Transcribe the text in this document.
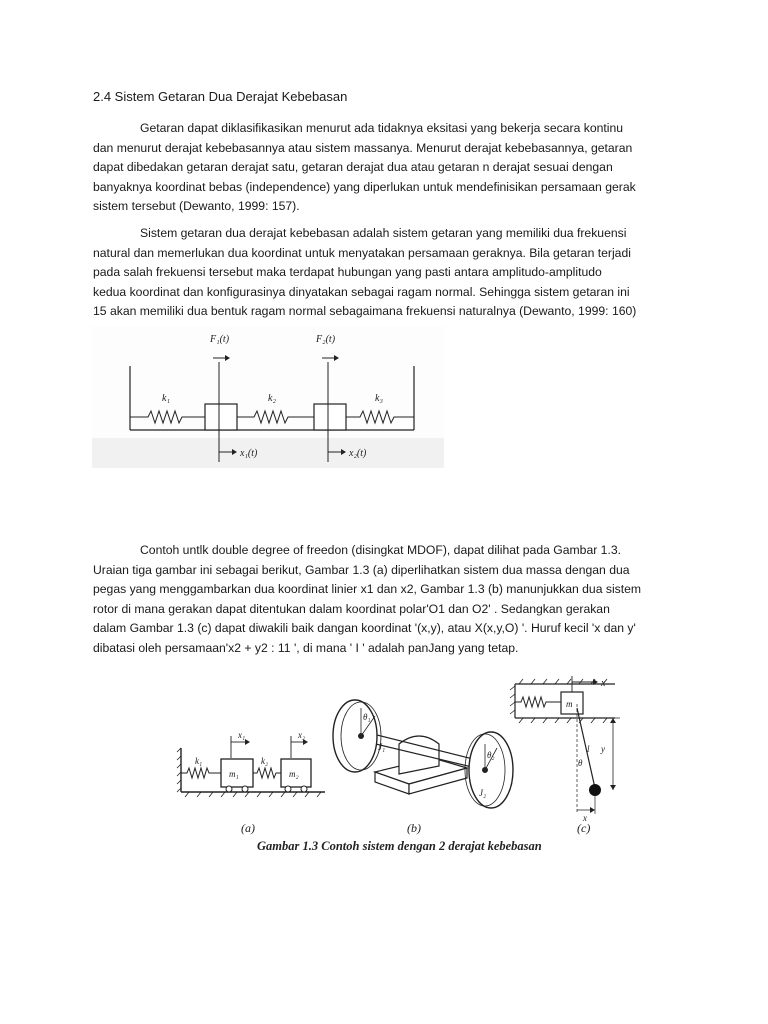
2.4 Sistem Getaran Dua Derajat Kebebasan

Getaran dapat diklasifikasikan menurut ada tidaknya eksitasi yang bekerja secara kontinu
dan menurut derajat kebebasannya atau sistem massanya. Menurut derajat kebebasannya, getaran
dapat dibedakan getaran derajat satu, getaran derajat dua atau getaran n derajat sesuai dengan
banyaknya koordinat bebas (independence) yang diperlukan untuk mendefinisikan persamaan gerak
sistem tersebut (Dewanto, 1999: 157).

Sistem getaran dua derajat kebebasan adalah sistem getaran yang memiliki dua frekuensi
natural dan memerlukan dua koordinat untuk menyatakan persamaan geraknya. Bila getaran terjadi
pada salah frekuensi tersebut maka terdapat hubungan yang pasti antara amplitudo-amplitudo
kedua koordinat dan konfigurasinya dinyatakan sebagai ragam normal. Sehingga sistem getaran ini
15 akan memiliki dua bentuk ragam normal sebagaimana frekuensi naturalnya (Dewanto, 1999: 160)

F₁(t)	F₂(t)
k₁	k₂	k₃
x₁(t)	x₂(t)

Contoh untlk double degree of freedon (disingkat MDOF), dapat dilihat pada Gambar 1.3.
Uraian tiga gambar ini sebagai berikut, Gambar 1.3 (a) diperlihatkan sistem dua massa dengan dua
pegas yang menggambarkan dua koordinat linier x1 dan x2, Gambar 1.3 (b) manunjukkan dua sistem
rotor di mana gerakan dapat ditentukan dalam koordinat polar'O1 dan O2' . Sedangkan gerakan
dalam Gambar 1.3 (c) dapat diwakili baik dangan koordinat '(x,y), atau X(x,y,O) '. Huruf kecil 'x dan y'
dibatasi oleh persamaan'x2 + y2 : 11 ', di mana ' I ' adalah panJang yang tetap.

k₁	k₂
m₁	m₂
x₁	x₂
(a)
θ₁
θ₂
J₁
J₂
(b)
x
m
l
θ
y
x
(c)
Gambar 1.3 Contoh sistem dengan 2 derajat kebebasan
